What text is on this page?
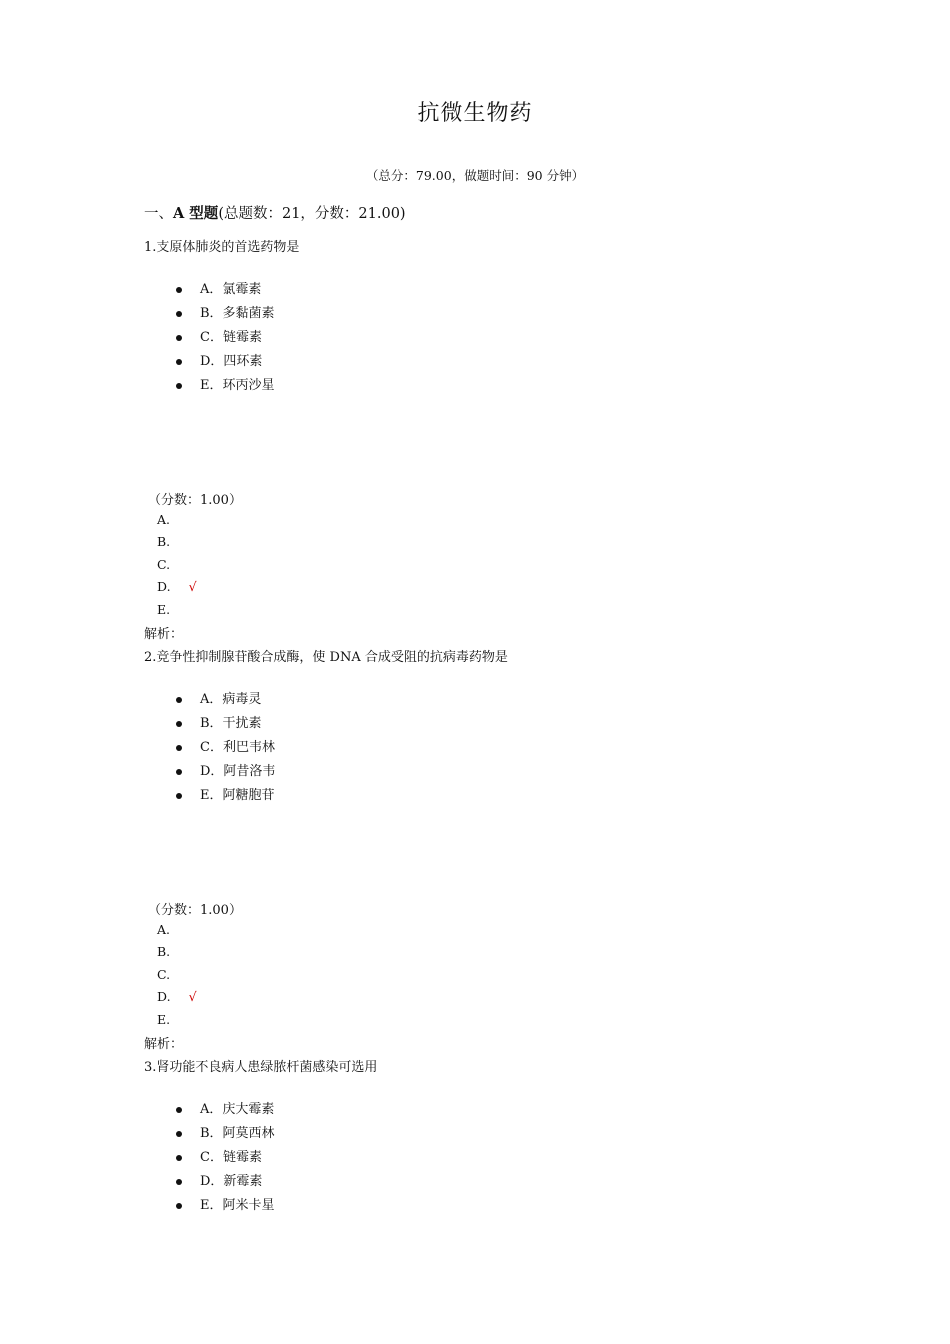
抗微生物药
（总分：79.00，做题时间：90 分钟）
一、A 型题(总题数：21，分数：21.00)
1.支原体肺炎的首选药物是
A．氯霉素
B．多黏菌素
C．链霉素
D．四环素
E．环丙沙星
（分数：1.00）
A.
B.
C.
D. √
E.
解析：
2.竞争性抑制腺苷酸合成酶，使 DNA 合成受阻的抗病毒药物是
A．病毒灵
B．干扰素
C．利巴韦林
D．阿昔洛韦
E．阿糖胞苷
（分数：1.00）
A.
B.
C.
D. √
E.
解析：
3.肾功能不良病人患绿脓杆菌感染可选用
A．庆大霉素
B．阿莫西林
C．链霉素
D．新霉素
E．阿米卡星
